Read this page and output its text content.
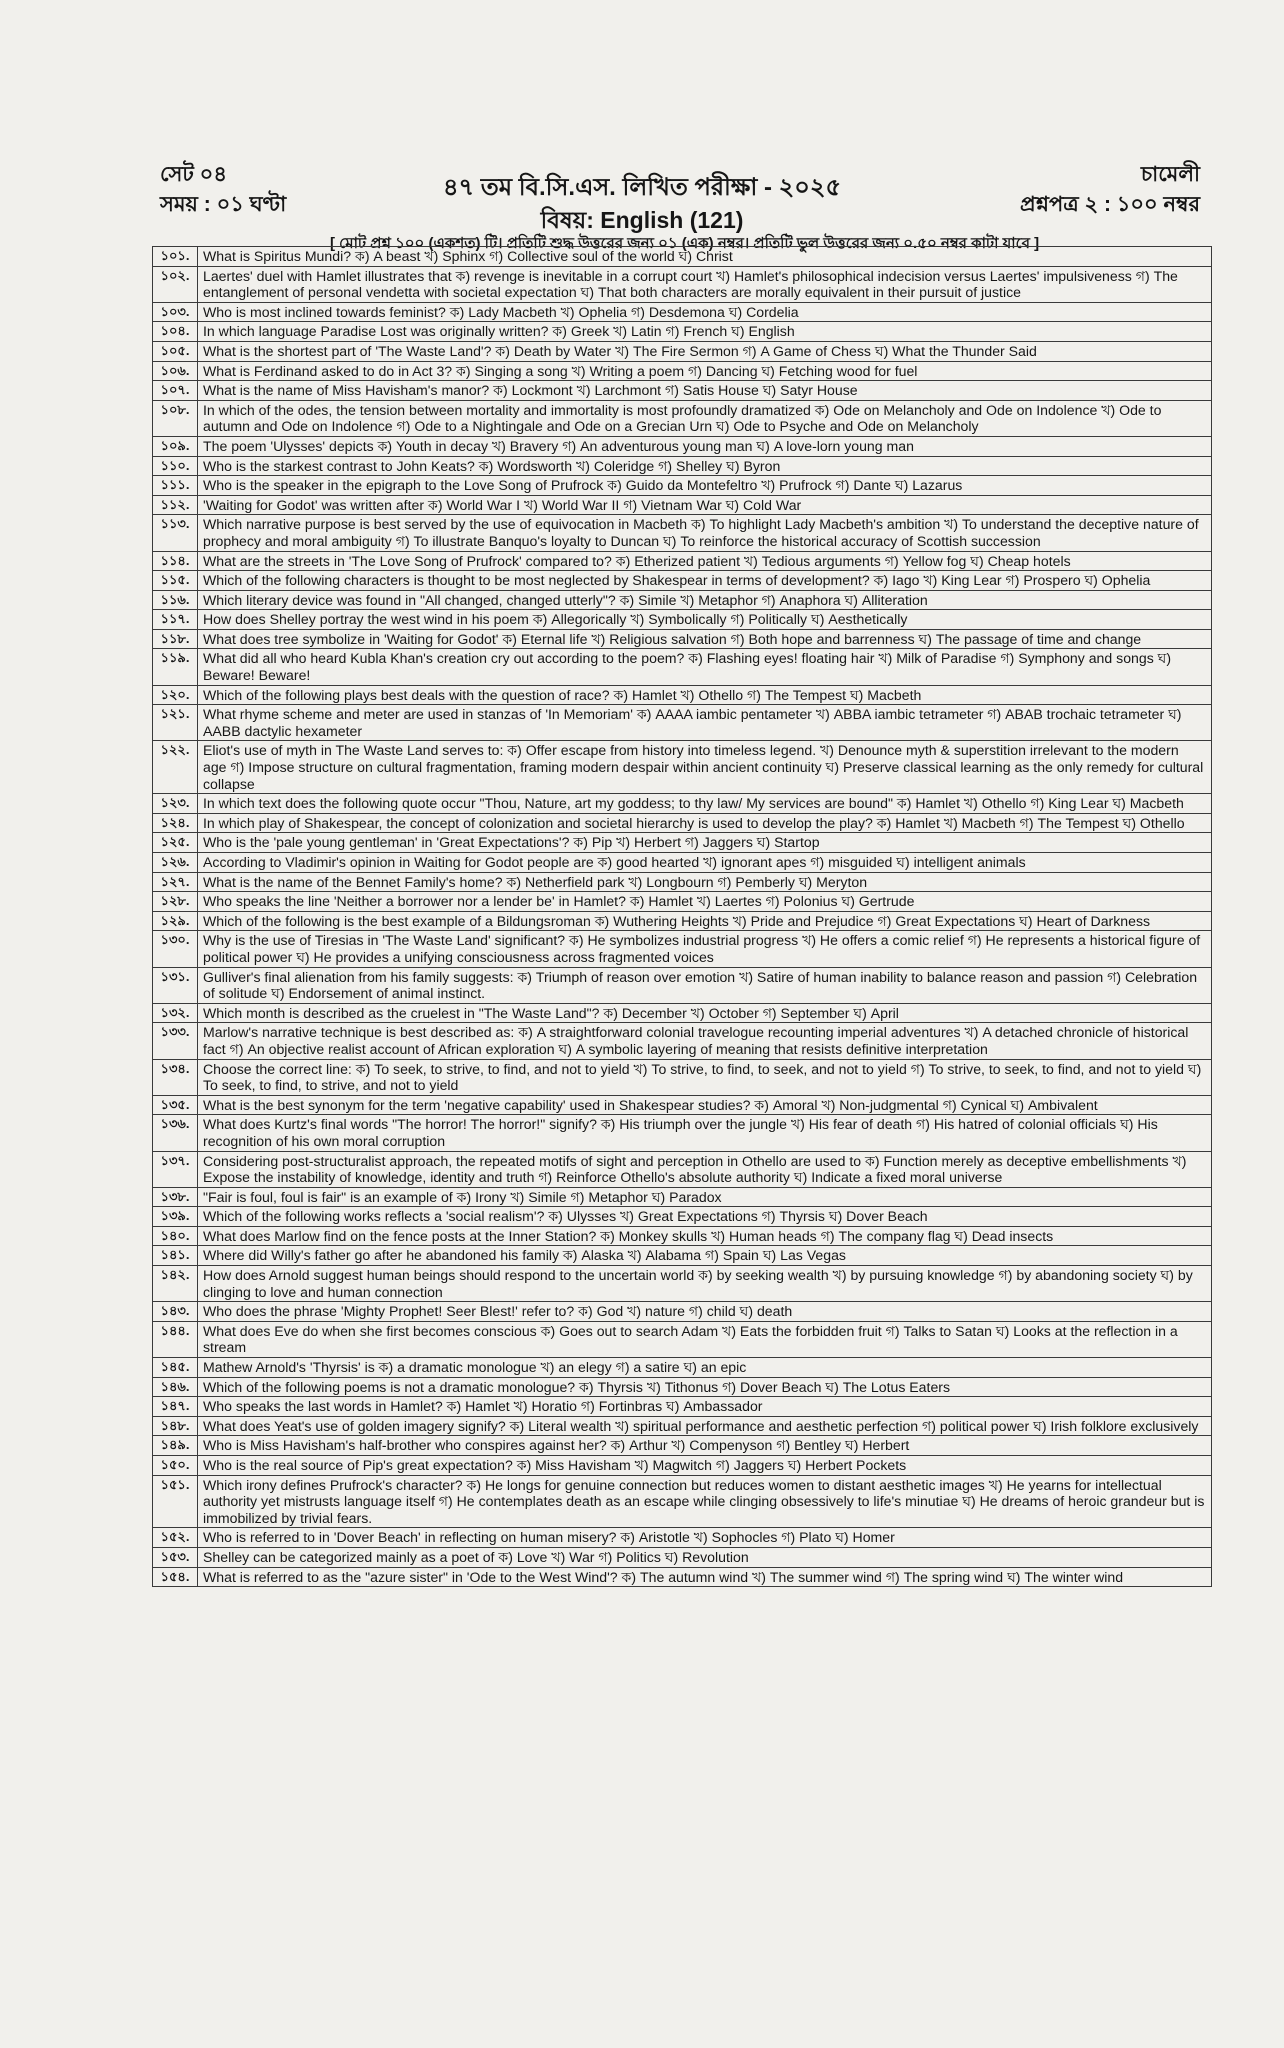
সেট ০৪
সময় : ০১ ঘণ্টা
৪৭ তম বি.সি.এস. লিখিত পরীক্ষা - ২০২৫
বিষয়: English (121)
চামেলী
প্রশ্নপত্র ২ : ১০০ নম্বর
[ মোট প্রশ্ন ১০০ (একশত) টি। প্রতিটি শুদ্ধ উত্তরের জন্য ০১ (এক) নম্বর। প্রতিটি ভুল উত্তরের জন্য ০.৫০ নম্বর কাটা যাবে ]
১০১.	What is Spiritus Mundi? ক) A beast খ) Sphinx গ) Collective soul of the world ঘ) Christ
১০২.	Laertes' duel with Hamlet illustrates that ক) revenge is inevitable in a corrupt court খ) Hamlet's philosophical indecision versus Laertes' impulsiveness গ) The entanglement of personal vendetta with societal expectation ঘ) That both characters are morally equivalent in their pursuit of justice
১০৩.	Who is most inclined towards feminist? ক) Lady Macbeth খ) Ophelia গ) Desdemona ঘ) Cordelia
১০৪.	In which language Paradise Lost was originally written? ক) Greek খ) Latin গ) French ঘ) English
১০৫.	What is the shortest part of 'The Waste Land'? ক) Death by Water খ) The Fire Sermon গ) A Game of Chess ঘ) What the Thunder Said
১০৬.	What is Ferdinand asked to do in Act 3? ক) Singing a song খ) Writing a poem গ) Dancing ঘ) Fetching wood for fuel
১০৭.	What is the name of Miss Havisham's manor? ক) Lockmont খ) Larchmont গ) Satis House ঘ) Satyr House
১০৮.	In which of the odes, the tension between mortality and immortality is most profoundly dramatized ক) Ode on Melancholy and Ode on Indolence খ) Ode to autumn and Ode on Indolence গ) Ode to a Nightingale and Ode on a Grecian Urn ঘ) Ode to Psyche and Ode on Melancholy
১০৯.	The poem 'Ulysses' depicts ক) Youth in decay খ) Bravery গ) An adventurous young man ঘ) A love-lorn young man
১১০.	Who is the starkest contrast to John Keats? ক) Wordsworth খ) Coleridge গ) Shelley ঘ) Byron
১১১.	Who is the speaker in the epigraph to the Love Song of Prufrock ক) Guido da Montefeltro খ) Prufrock গ) Dante ঘ) Lazarus
১১২.	'Waiting for Godot' was written after ক) World War I খ) World War II গ) Vietnam War ঘ) Cold War
১১৩.	Which narrative purpose is best served by the use of equivocation in Macbeth ক) To highlight Lady Macbeth's ambition খ) To understand the deceptive nature of prophecy and moral ambiguity গ) To illustrate Banquo's loyalty to Duncan ঘ) To reinforce the historical accuracy of Scottish succession
১১৪.	What are the streets in 'The Love Song of Prufrock' compared to? ক) Etherized patient খ) Tedious arguments গ) Yellow fog ঘ) Cheap hotels
১১৫.	Which of the following characters is thought to be most neglected by Shakespear in terms of development? ক) Iago খ) King Lear গ) Prospero ঘ) Ophelia
১১৬.	Which literary device was found in "All changed, changed utterly"? ক) Simile খ) Metaphor গ) Anaphora ঘ) Alliteration
১১৭.	How does Shelley portray the west wind in his poem ক) Allegorically খ) Symbolically গ) Politically ঘ) Aesthetically
১১৮.	What does tree symbolize in 'Waiting for Godot' ক) Eternal life খ) Religious salvation গ) Both hope and barrenness ঘ) The passage of time and change
১১৯.	What did all who heard Kubla Khan's creation cry out according to the poem? ক) Flashing eyes! floating hair খ) Milk of Paradise গ) Symphony and songs ঘ) Beware! Beware!
১২০.	Which of the following plays best deals with the question of race? ক) Hamlet খ) Othello গ) The Tempest ঘ) Macbeth
১২১.	What rhyme scheme and meter are used in stanzas of 'In Memoriam' ক) AAAA iambic pentameter খ) ABBA iambic tetrameter গ) ABAB trochaic tetrameter ঘ) AABB dactylic hexameter
১২২.	Eliot's use of myth in The Waste Land serves to: ক) Offer escape from history into timeless legend. খ) Denounce myth & superstition irrelevant to the modern age গ) Impose structure on cultural fragmentation, framing modern despair within ancient continuity ঘ) Preserve classical learning as the only remedy for cultural collapse
১২৩.	In which text does the following quote occur "Thou, Nature, art my goddess; to thy law/ My services are bound" ক) Hamlet খ) Othello গ) King Lear ঘ) Macbeth
১২৪.	In which play of Shakespear, the concept of colonization and societal hierarchy is used to develop the play? ক) Hamlet খ) Macbeth গ) The Tempest ঘ) Othello
১২৫.	Who is the 'pale young gentleman' in 'Great Expectations'? ক) Pip খ) Herbert গ) Jaggers ঘ) Startop
১২৬.	According to Vladimir's opinion in Waiting for Godot people are ক) good hearted খ) ignorant apes গ) misguided ঘ) intelligent animals
১২৭.	What is the name of the Bennet Family's home? ক) Netherfield park খ) Longbourn গ) Pemberly ঘ) Meryton
১২৮.	Who speaks the line 'Neither a borrower nor a lender be' in Hamlet? ক) Hamlet খ) Laertes গ) Polonius ঘ) Gertrude
১২৯.	Which of the following is the best example of a Bildungsroman ক) Wuthering Heights খ) Pride and Prejudice গ) Great Expectations ঘ) Heart of Darkness
১৩০.	Why is the use of Tiresias in 'The Waste Land' significant? ক) He symbolizes industrial progress খ) He offers a comic relief গ) He represents a historical figure of political power ঘ) He provides a unifying consciousness across fragmented voices
১৩১.	Gulliver's final alienation from his family suggests: ক) Triumph of reason over emotion খ) Satire of human inability to balance reason and passion গ) Celebration of solitude ঘ) Endorsement of animal instinct.
১৩২.	Which month is described as the cruelest in "The Waste Land"? ক) December খ) October গ) September ঘ) April
১৩৩.	Marlow's narrative technique is best described as: ক) A straightforward colonial travelogue recounting imperial adventures খ) A detached chronicle of historical fact গ) An objective realist account of African exploration ঘ) A symbolic layering of meaning that resists definitive interpretation
১৩৪.	Choose the correct line: ক) To seek, to strive, to find, and not to yield খ) To strive, to find, to seek, and not to yield গ) To strive, to seek, to find, and not to yield ঘ) To seek, to find, to strive, and not to yield
১৩৫.	What is the best synonym for the term 'negative capability' used in Shakespear studies? ক) Amoral খ) Non-judgmental গ) Cynical ঘ) Ambivalent
১৩৬.	What does Kurtz's final words "The horror! The horror!" signify? ক) His triumph over the jungle খ) His fear of death গ) His hatred of colonial officials ঘ) His recognition of his own moral corruption
১৩৭.	Considering post-structuralist approach, the repeated motifs of sight and perception in Othello are used to ক) Function merely as deceptive embellishments খ) Expose the instability of knowledge, identity and truth গ) Reinforce Othello's absolute authority ঘ) Indicate a fixed moral universe
১৩৮.	"Fair is foul, foul is fair" is an example of ক) Irony খ) Simile গ) Metaphor ঘ) Paradox
১৩৯.	Which of the following works reflects a 'social realism'? ক) Ulysses খ) Great Expectations গ) Thyrsis ঘ) Dover Beach
১৪০.	What does Marlow find on the fence posts at the Inner Station? ক) Monkey skulls খ) Human heads গ) The company flag ঘ) Dead insects
১৪১.	Where did Willy's father go after he abandoned his family ক) Alaska খ) Alabama গ) Spain ঘ) Las Vegas
১৪২.	How does Arnold suggest human beings should respond to the uncertain world ক) by seeking wealth খ) by pursuing knowledge গ) by abandoning society ঘ) by clinging to love and human connection
১৪৩.	Who does the phrase 'Mighty Prophet! Seer Blest!' refer to? ক) God খ) nature গ) child ঘ) death
১৪৪.	What does Eve do when she first becomes conscious ক) Goes out to search Adam খ) Eats the forbidden fruit গ) Talks to Satan ঘ) Looks at the reflection in a stream
১৪৫.	Mathew Arnold's 'Thyrsis' is ক) a dramatic monologue খ) an elegy গ) a satire ঘ) an epic
১৪৬.	Which of the following poems is not a dramatic monologue? ক) Thyrsis খ) Tithonus গ) Dover Beach ঘ) The Lotus Eaters
১৪৭.	Who speaks the last words in Hamlet? ক) Hamlet খ) Horatio গ) Fortinbras ঘ) Ambassador
১৪৮.	What does Yeat's use of golden imagery signify? ক) Literal wealth খ) spiritual performance and aesthetic perfection গ) political power ঘ) Irish folklore exclusively
১৪৯.	Who is Miss Havisham's half-brother who conspires against her? ক) Arthur খ) Compenyson গ) Bentley ঘ) Herbert
১৫০.	Who is the real source of Pip's great expectation? ক) Miss Havisham খ) Magwitch গ) Jaggers ঘ) Herbert Pockets
১৫১.	Which irony defines Prufrock's character? ক) He longs for genuine connection but reduces women to distant aesthetic images খ) He yearns for intellectual authority yet mistrusts language itself গ) He contemplates death as an escape while clinging obsessively to life's minutiae ঘ) He dreams of heroic grandeur but is immobilized by trivial fears.
১৫২.	Who is referred to in 'Dover Beach' in reflecting on human misery? ক) Aristotle খ) Sophocles গ) Plato ঘ) Homer
১৫৩.	Shelley can be categorized mainly as a poet of ক) Love খ) War গ) Politics ঘ) Revolution
১৫৪.	What is referred to as the "azure sister" in 'Ode to the West Wind'? ক) The autumn wind খ) The summer wind গ) The spring wind ঘ) The winter wind
